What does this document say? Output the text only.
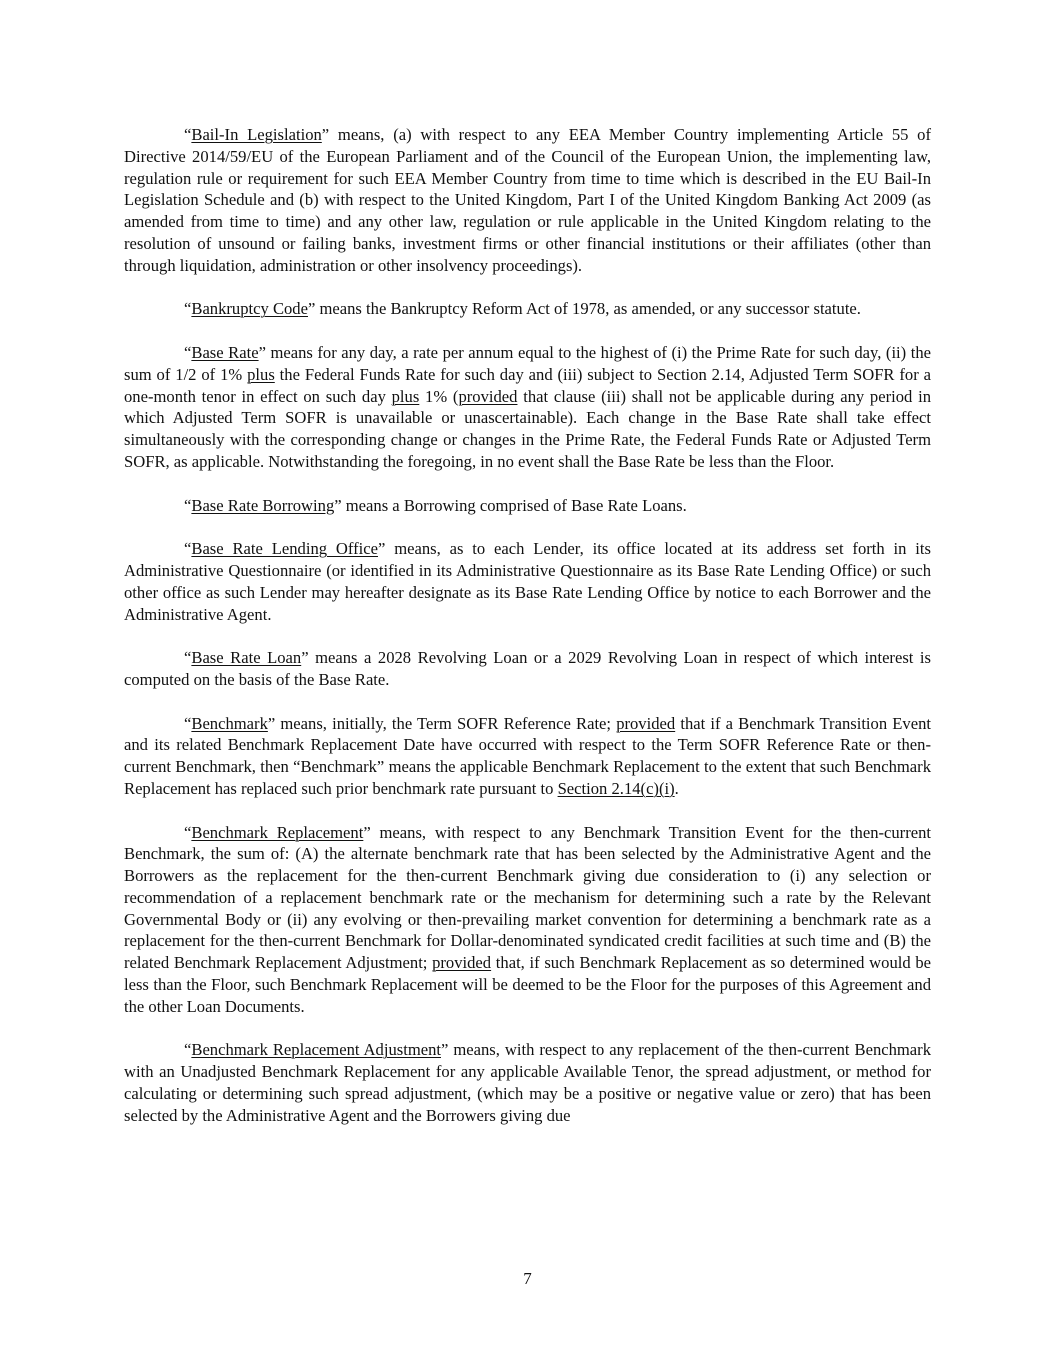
“Bail-In Legislation” means, (a) with respect to any EEA Member Country implementing Article 55 of Directive 2014/59/EU of the European Parliament and of the Council of the European Union, the implementing law, regulation rule or requirement for such EEA Member Country from time to time which is described in the EU Bail-In Legislation Schedule and (b) with respect to the United Kingdom, Part I of the United Kingdom Banking Act 2009 (as amended from time to time) and any other law, regulation or rule applicable in the United Kingdom relating to the resolution of unsound or failing banks, investment firms or other financial institutions or their affiliates (other than through liquidation, administration or other insolvency proceedings).

“Bankruptcy Code” means the Bankruptcy Reform Act of 1978, as amended, or any successor statute.

“Base Rate” means for any day, a rate per annum equal to the highest of (i) the Prime Rate for such day, (ii) the sum of 1/2 of 1% plus the Federal Funds Rate for such day and (iii) subject to Section 2.14, Adjusted Term SOFR for a one-month tenor in effect on such day plus 1% (provided that clause (iii) shall not be applicable during any period in which Adjusted Term SOFR is unavailable or unascertainable). Each change in the Base Rate shall take effect simultaneously with the corresponding change or changes in the Prime Rate, the Federal Funds Rate or Adjusted Term SOFR, as applicable. Notwithstanding the foregoing, in no event shall the Base Rate be less than the Floor.

“Base Rate Borrowing” means a Borrowing comprised of Base Rate Loans.

“Base Rate Lending Office” means, as to each Lender, its office located at its address set forth in its Administrative Questionnaire (or identified in its Administrative Questionnaire as its Base Rate Lending Office) or such other office as such Lender may hereafter designate as its Base Rate Lending Office by notice to each Borrower and the Administrative Agent.

“Base Rate Loan” means a 2028 Revolving Loan or a 2029 Revolving Loan in respect of which interest is computed on the basis of the Base Rate.

“Benchmark” means, initially, the Term SOFR Reference Rate; provided that if a Benchmark Transition Event and its related Benchmark Replacement Date have occurred with respect to the Term SOFR Reference Rate or then-current Benchmark, then “Benchmark” means the applicable Benchmark Replacement to the extent that such Benchmark Replacement has replaced such prior benchmark rate pursuant to Section 2.14(c)(i).

“Benchmark Replacement” means, with respect to any Benchmark Transition Event for the then-current Benchmark, the sum of: (A) the alternate benchmark rate that has been selected by the Administrative Agent and the Borrowers as the replacement for the then-current Benchmark giving due consideration to (i) any selection or recommendation of a replacement benchmark rate or the mechanism for determining such a rate by the Relevant Governmental Body or (ii) any evolving or then-prevailing market convention for determining a benchmark rate as a replacement for the then-current Benchmark for Dollar-denominated syndicated credit facilities at such time and (B) the related Benchmark Replacement Adjustment; provided that, if such Benchmark Replacement as so determined would be less than the Floor, such Benchmark Replacement will be deemed to be the Floor for the purposes of this Agreement and the other Loan Documents.

“Benchmark Replacement Adjustment” means, with respect to any replacement of the then-current Benchmark with an Unadjusted Benchmark Replacement for any applicable Available Tenor, the spread adjustment, or method for calculating or determining such spread adjustment, (which may be a positive or negative value or zero) that has been selected by the Administrative Agent and the Borrowers giving due

7
